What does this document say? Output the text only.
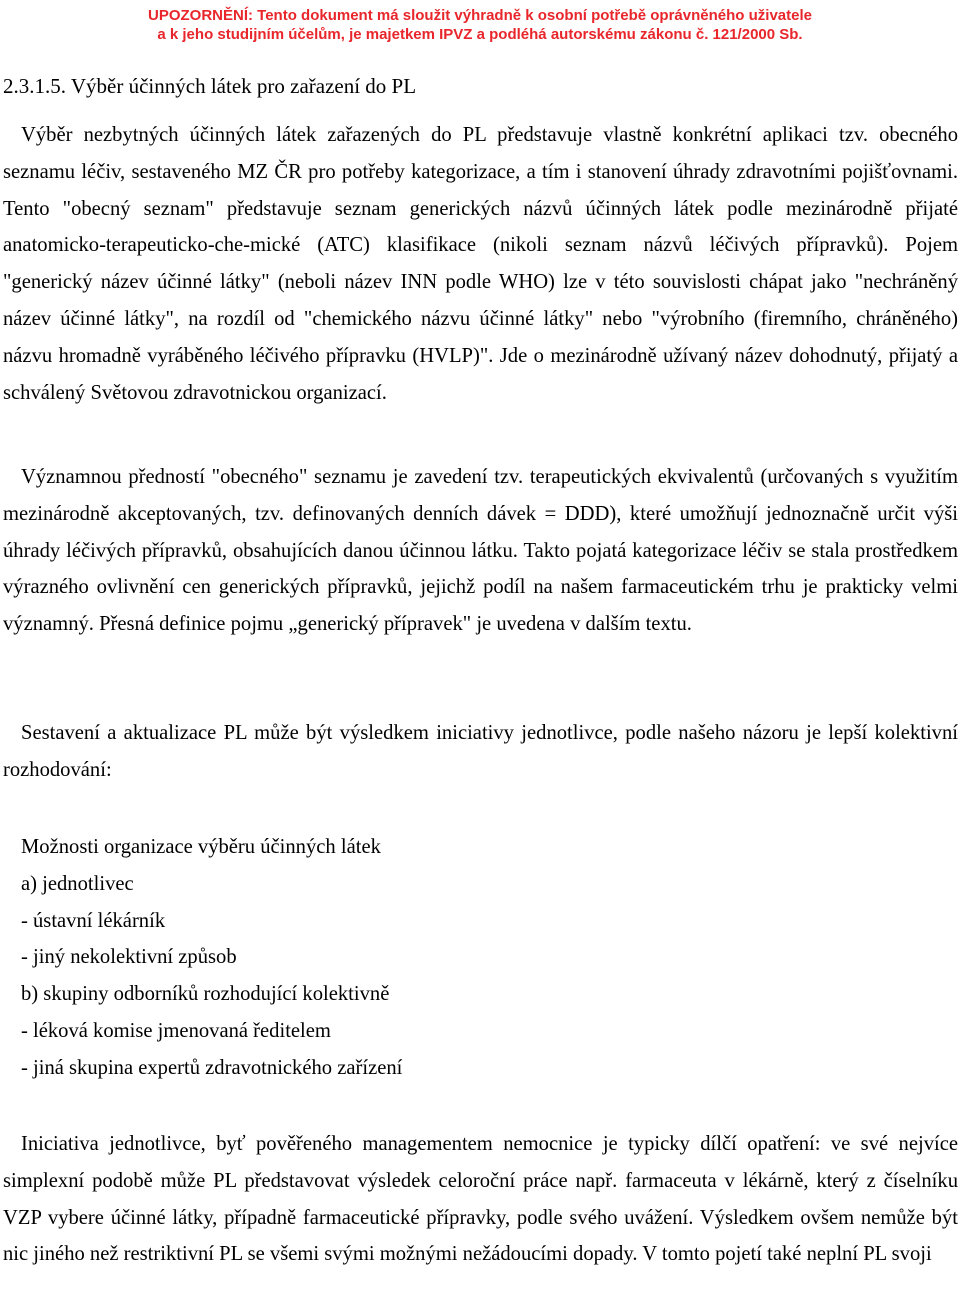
UPOZORNĚNÍ: Tento dokument má sloužit výhradně k osobní potřebě oprávněného uživatele
a k jeho studijním účelům, je majetkem IPVZ a podléhá autorskému zákonu č. 121/2000 Sb.
2.3.1.5. Výběr účinných látek pro zařazení do PL

Výběr nezbytných účinných látek zařazených do PL představuje vlastně konkrétní aplikaci tzv. obecného seznamu léčiv, sestaveného MZ ČR pro potřeby kategorizace, a tím i stanovení úhrady zdravotními pojišťovnami. Tento "obecný seznam" představuje seznam generických názvů účinných látek podle mezinárodně přijaté anatomicko-terapeuticko-che-mické (ATC) klasifikace (nikoli seznam názvů léčivých přípravků). Pojem "generický název účinné látky" (neboli název INN podle WHO) lze v této souvislosti chápat jako "nechráněný název účinné látky", na rozdíl od "chemického názvu účinné látky" nebo "výrobního (firemního, chráněného) názvu hromadně vyráběného léčivého přípravku (HVLP)". Jde o mezinárodně užívaný název dohodnutý, přijatý a schválený Světovou zdravotnickou organizací.

Významnou předností "obecného" seznamu je zavedení tzv. terapeutických ekvivalentů (určovaných s využitím mezinárodně akceptovaných, tzv. definovaných denních dávek = DDD), které umožňují jednoznačně určit výši úhrady léčivých přípravků, obsahujících danou účinnou látku. Takto pojatá kategorizace léčiv se stala prostředkem výrazného ovlivnění cen generických přípravků, jejichž podíl na našem farmaceutickém trhu je prakticky velmi významný. Přesná definice pojmu „generický přípravek" je uvedena v dalším textu.

Sestavení a aktualizace PL může být výsledkem iniciativy jednotlivce, podle našeho názoru je lepší kolektivní rozhodování:

Možnosti organizace výběru účinných látek
a) jednotlivec
- ústavní lékárník
- jiný nekolektivní způsob
b) skupiny odborníků rozhodující kolektivně
- léková komise jmenovaná ředitelem
- jiná skupina expertů zdravotnického zařízení

Iniciativa jednotlivce, byť pověřeného managementem nemocnice je typicky dílčí opatření: ve své nejvíce simplexní podobě může PL představovat výsledek celoroční práce např. farmaceuta v lékárně, který z číselníku VZP vybere účinné látky, případně farmaceutické přípravky, podle svého uvážení. Výsledkem ovšem nemůže být nic jiného než restriktivní PL se všemi svými možnými nežádoucími dopady. V tomto pojetí také neplní PL svoji
